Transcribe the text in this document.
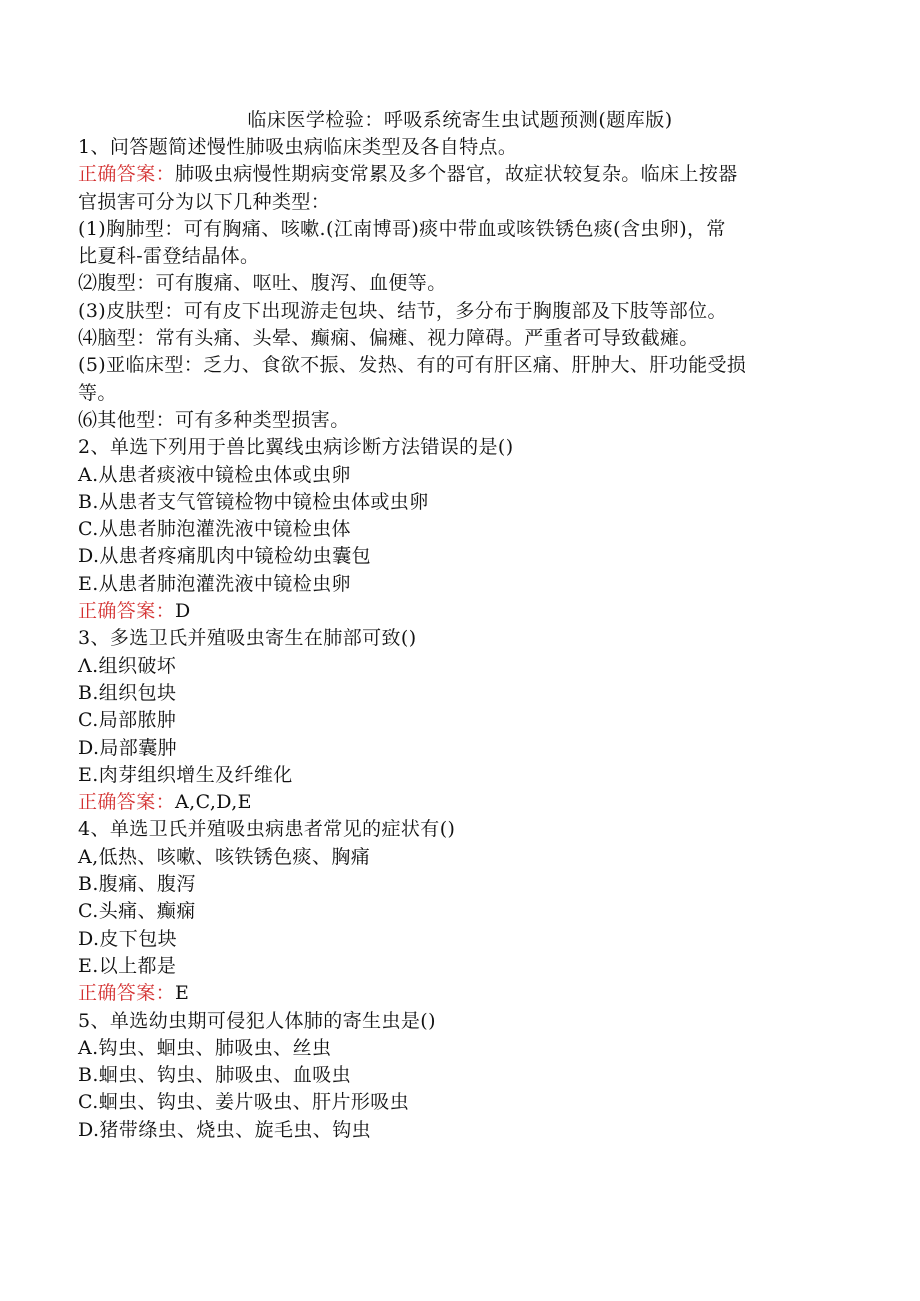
临床医学检验：呼吸系统寄生虫试题预测(题库版)
1、问答题简述慢性肺吸虫病临床类型及各自特点。
正确答案：肺吸虫病慢性期病变常累及多个器官，故症状较复杂。临床上按器
官损害可分为以下几种类型：
(1)胸肺型：可有胸痛、咳嗽.(江南博哥)痰中带血或咳铁锈色痰(含虫卵)，常
比夏科-雷登结晶体。
⑵腹型：可有腹痛、呕吐、腹泻、血便等。
(3)皮肤型：可有皮下出现游走包块、结节，多分布于胸腹部及下肢等部位。
⑷脑型：常有头痛、头晕、癫痫、偏瘫、视力障碍。严重者可导致截瘫。
(5)亚临床型：乏力、食欲不振、发热、有的可有肝区痛、肝肿大、肝功能受损
等。
⑹其他型：可有多种类型损害。
2、单选下列用于兽比翼线虫病诊断方法错误的是()
A.从患者痰液中镜检虫体或虫卵
B.从患者支气管镜检物中镜检虫体或虫卵
C.从患者肺泡灌洗液中镜检虫体
D.从患者疼痛肌肉中镜检幼虫囊包
E.从患者肺泡灌洗液中镜检虫卵
正确答案：D
3、多选卫氏并殖吸虫寄生在肺部可致()
Λ.组织破坏
B.组织包块
C.局部脓肿
D.局部囊肿
E.肉芽组织增生及纤维化
正确答案：A,C,D,E
4、单选卫氏并殖吸虫病患者常见的症状有()
A,低热、咳嗽、咳铁锈色痰、胸痛
B.腹痛、腹泻
C.头痛、癫痫
D.皮下包块
E.以上都是
正确答案：E
5、单选幼虫期可侵犯人体肺的寄生虫是()
A.钩虫、蛔虫、肺吸虫、丝虫
B.蛔虫、钩虫、肺吸虫、血吸虫
C.蛔虫、钩虫、姜片吸虫、肝片形吸虫
D.猪带绦虫、烧虫、旋毛虫、钩虫
